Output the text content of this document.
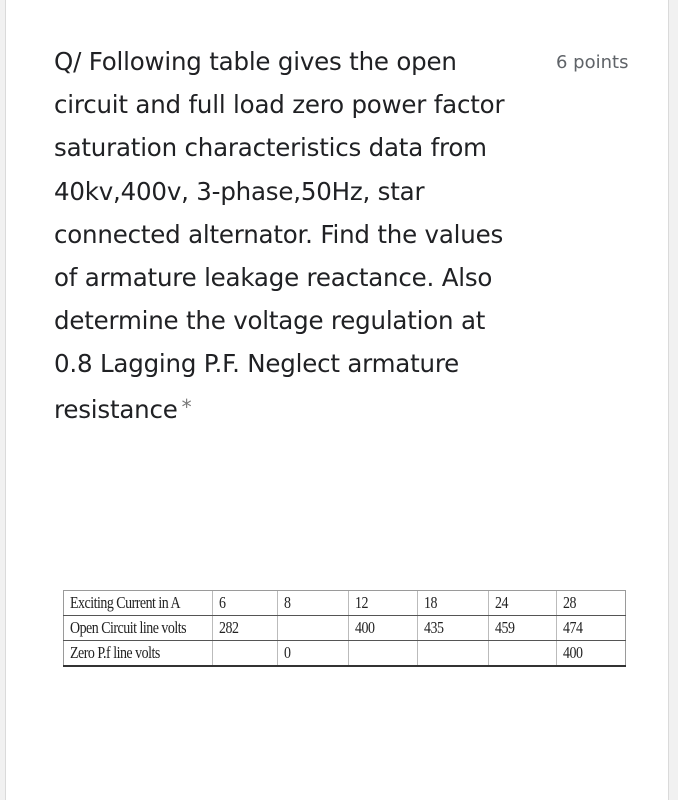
Q/ Following table gives the open
circuit and full load zero power factor
saturation characteristics data from
40kv,400v, 3-phase,50Hz, star
connected alternator. Find the values
of armature leakage reactance. Also
determine the voltage regulation at
0.8 Lagging P.F. Neglect armature
resistance *
6 points
Exciting Current in A	6	8	12	18	24	28
Open Circuit line volts	282		400	435	459	474
Zero P.f line volts		0				400
